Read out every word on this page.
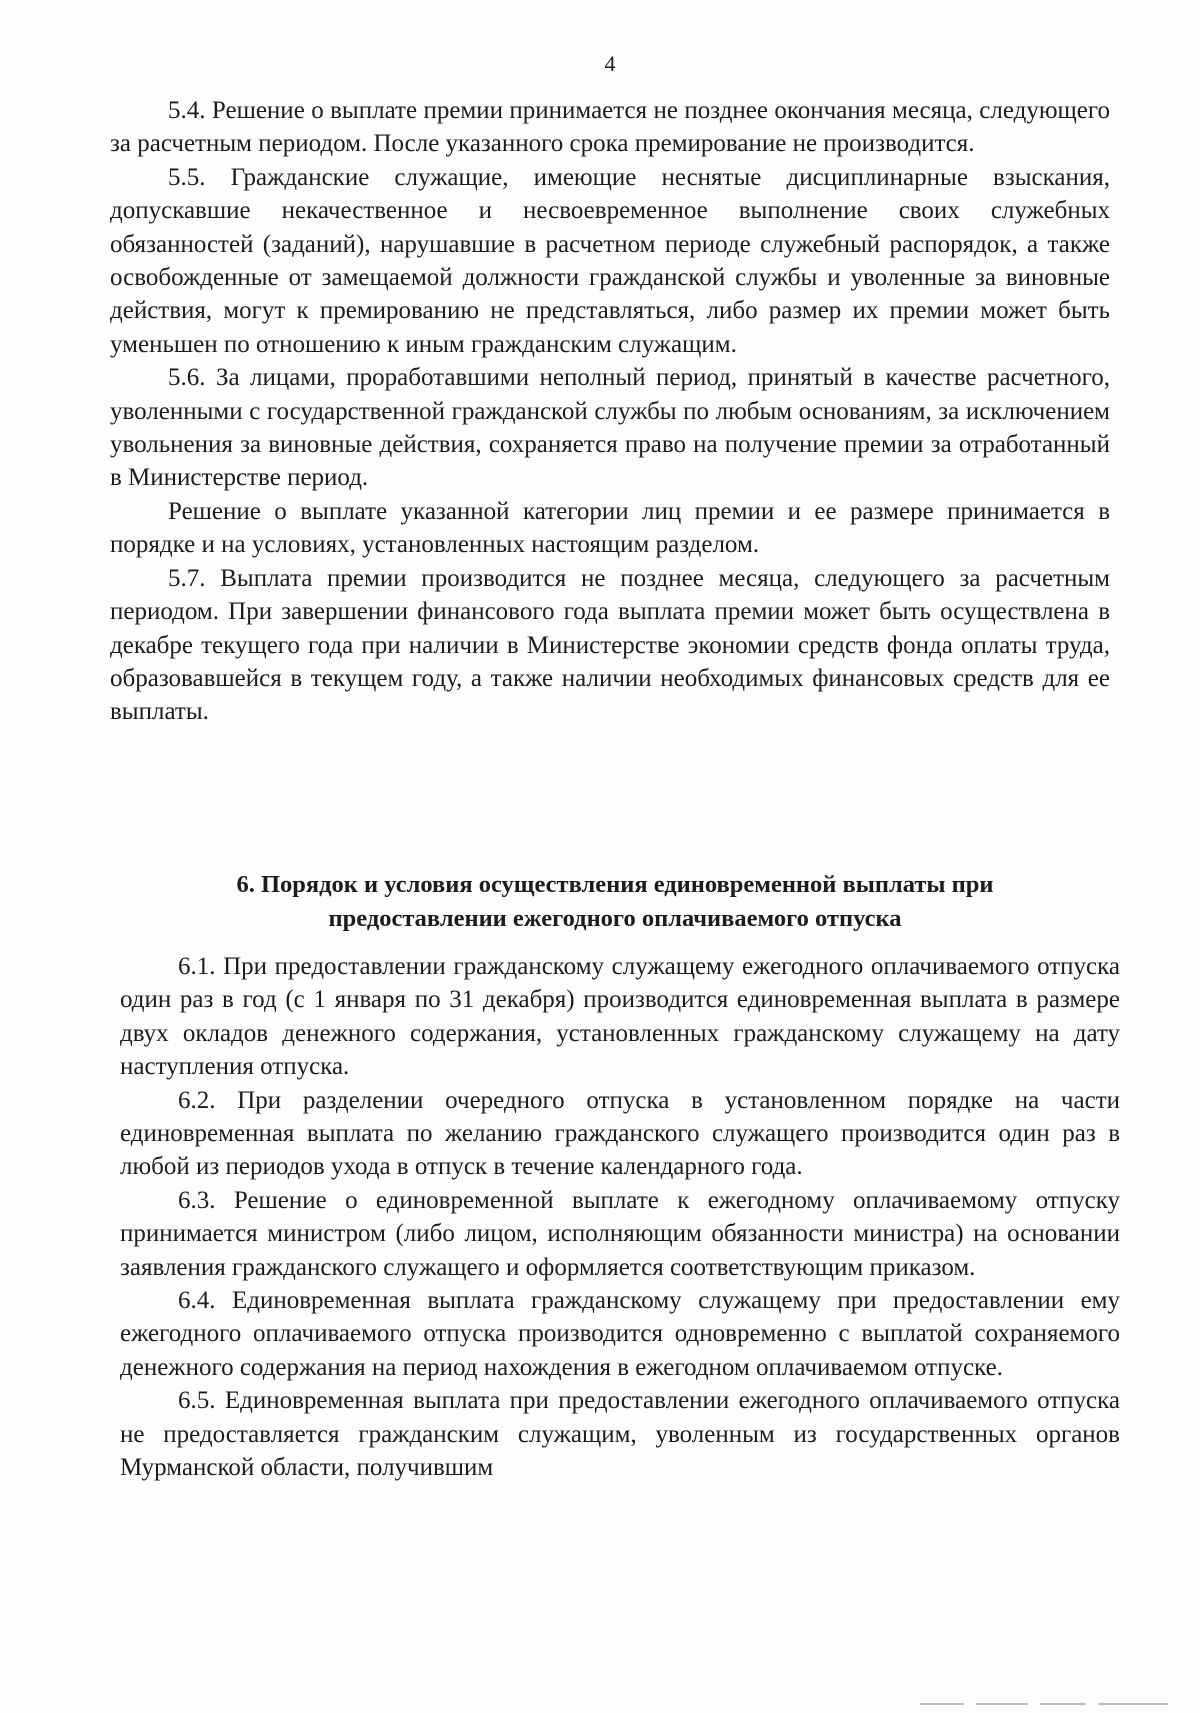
4

5.4. Решение о выплате премии принимается не позднее окончания месяца, следующего за расчетным периодом. После указанного срока премирование не производится.

5.5. Гражданские служащие, имеющие неснятые дисциплинарные взыскания, допускавшие некачественное и несвоевременное выполнение своих служебных обязанностей (заданий), нарушавшие в расчетном периоде служебный распорядок, а также освобожденные от замещаемой должности гражданской службы и уволенные за виновные действия, могут к премированию не представляться, либо размер их премии может быть уменьшен по отношению к иным гражданским служащим.

5.6. За лицами, проработавшими неполный период, принятый в качестве расчетного, уволенными с государственной гражданской службы по любым основаниям, за исключением увольнения за виновные действия, сохраняется право на получение премии за отработанный в Министерстве период.

Решение о выплате указанной категории лиц премии и ее размере принимается в порядке и на условиях, установленных настоящим разделом.

5.7. Выплата премии производится не позднее месяца, следующего за расчетным периодом. При завершении финансового года выплата премии может быть осуществлена в декабре текущего года при наличии в Министерстве экономии средств фонда оплаты труда, образовавшейся в текущем году, а также наличии необходимых финансовых средств для ее выплаты.

6. Порядок и условия осуществления единовременной выплаты при
предоставлении ежегодного оплачиваемого отпуска

6.1. При предоставлении гражданскому служащему ежегодного оплачиваемого отпуска один раз в год (с 1 января по 31 декабря) производится единовременная выплата в размере двух окладов денежного содержания, установленных гражданскому служащему на дату наступления отпуска.

6.2. При разделении очередного отпуска в установленном порядке на части единовременная выплата по желанию гражданского служащего производится один раз в любой из периодов ухода в отпуск в течение календарного года.

6.3. Решение о единовременной выплате к ежегодному оплачиваемому отпуску принимается министром (либо лицом, исполняющим обязанности министра) на основании заявления гражданского служащего и оформляется соответствующим приказом.

6.4. Единовременная выплата гражданскому служащему при предоставлении ему ежегодного оплачиваемого отпуска производится одновременно с выплатой сохраняемого денежного содержания на период нахождения в ежегодном оплачиваемом отпуске.

6.5. Единовременная выплата при предоставлении ежегодного оплачиваемого отпуска не предоставляется гражданским служащим, уволенным из государственных органов Мурманской области, получившим
